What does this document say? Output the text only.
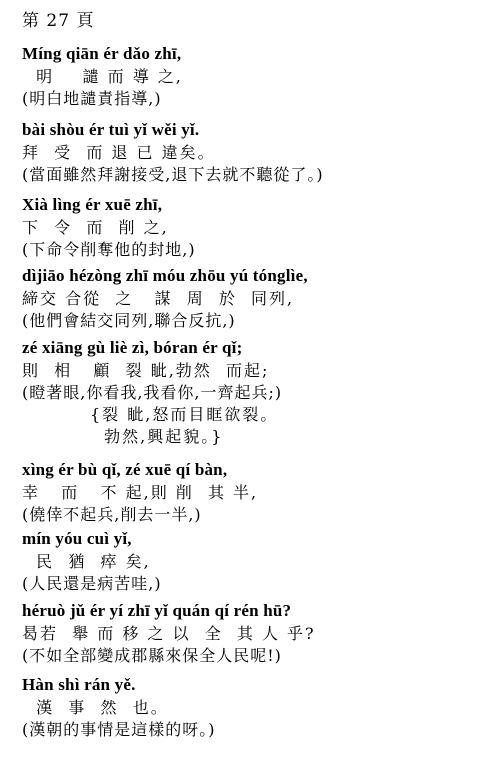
第 27 頁
Míng qiān ér dǎo zhī,
明    譴 而 導 之,
(明白地譴責指導,)
bài shòu ér tuì yǐ wěi yǐ.
拜  受  而 退 已 違矣。
(當面雖然拜謝接受,退下去就不聽從了。)
Xià lìng ér xuē zhī,
下  令  而  削 之,
(下命令削奪他的封地,)
dìjiāo hézòng zhī móu zhōu yú tónglìe,
締交 合從  之   謀  周  於  同列,
(他們會結交同列,聯合反抗,)
zé xiāng gù liè zì, bóran ér qǐ;
則  相   顧  裂 眦,勃然  而起;
(瞪著眼,你看我,我看你,一齊起兵;)
{裂 眦,怒而目眶欲裂。
勃然,興起貌。}
xìng ér bù qǐ, zé xuē qí bàn,
幸   而   不 起,則 削  其 半,
(僥倖不起兵,削去一半,)
mín yóu cuì yǐ,
民  猶  瘁 矣,
(人民還是病苦哇,)
héruò jǔ ér yí zhī yǐ quán qí rén hū?
曷若  舉 而 移 之 以  全  其 人 乎?
(不如全部變成郡縣來保全人民呢!)
Hàn shì rán yě.
漢  事  然  也。
(漢朝的事情是這樣的呀。)
